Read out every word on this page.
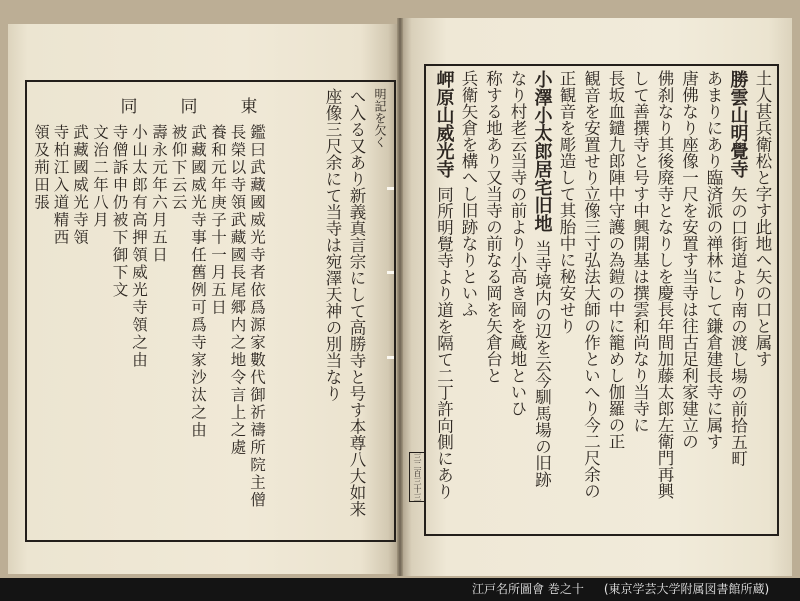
三二百三十三
土人甚兵衛松と字す此地へ矢の口と属す
勝雲山明覺寺矢の口街道より南の渡し場の前拾五町
あまりにあり臨済派の禅林にして鎌倉建長寺に属す
唐佛なり座像一尺を安置す当寺は往古足利家建立の
佛刹なり其後廃寺となりしを慶長年間加藤太郎左衛門再興
して善撰寺と号す中興開基は撰雲和尚なり当寺に
長坂血鑓九郎陣中守護の為鎧の中に籠めし伽羅の正
観音を安置せり立像三寸弘法大師の作といへり今二尺余の
正観音を彫造して其胎中に秘安せり
小澤小太郎居宅旧地当寺境内の辺を云今馴馬場の旧跡
なり村老云当寺の前より小高き岡を蔵地といひ
称する地あり又当寺の前なる岡を矢倉台と
兵衛矢倉を構へし旧跡なりといふ
岬原山威光寺同所明覺寺より道を隔て二丁許向側にあり
明記を欠く
へ入る又あり新義真言宗にして高勝寺と号す本尊八大如来
座像三尺余にて当寺は宛澤天神の別当なり
東
同
同
鑑曰武藏國威光寺者依爲源家數代御祈禱所院主僧
長榮以寺領武藏國長尾郷内之地令言上之處
養和元年庚子十一月五日
武藏國威光寺事任舊例可爲寺家沙汰之由
被仰下云云
壽永元年六月五日
小山太郎有高押領威光寺領之由
寺僧訴申仍被下御下文
文治二年八月
武藏國威光寺領
寺柏江入道精西
領及荊田張
江戸名所圖會 巻之十 (東京学芸大学附属図書館所蔵)
